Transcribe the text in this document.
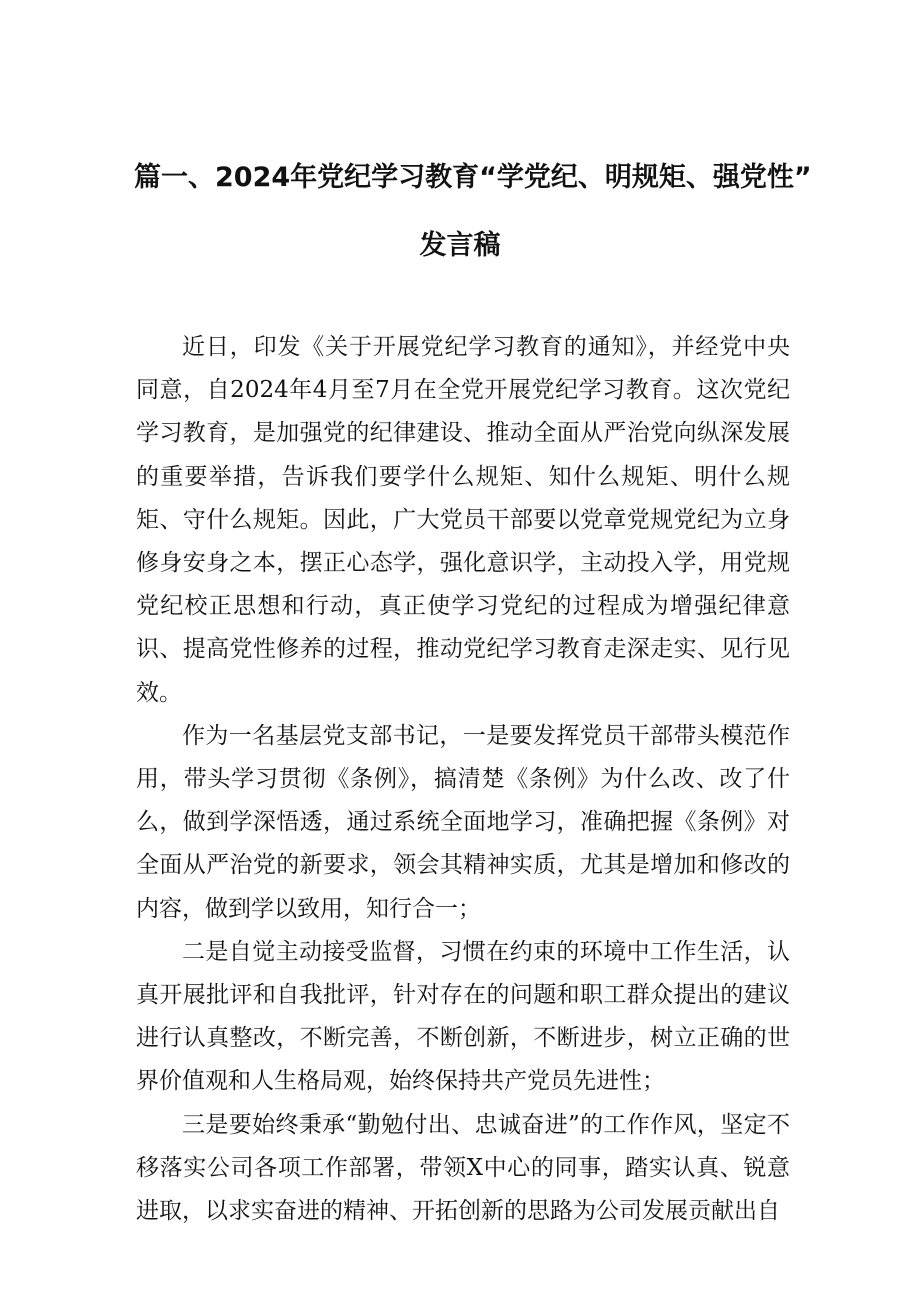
篇一、2024年党纪学习教育“学党纪、明规矩、强党性”
发言稿

近日，印发《关于开展党纪学习教育的通知》，并经党中央同意，自2024年4月至7月在全党开展党纪学习教育。这次党纪学习教育，是加强党的纪律建设、推动全面从严治党向纵深发展的重要举措，告诉我们要学什么规矩、知什么规矩、明什么规矩、守什么规矩。因此，广大党员干部要以党章党规党纪为立身修身安身之本，摆正心态学，强化意识学，主动投入学，用党规党纪校正思想和行动，真正使学习党纪的过程成为增强纪律意识、提高党性修养的过程，推动党纪学习教育走深走实、见行见效。

作为一名基层党支部书记，一是要发挥党员干部带头模范作用，带头学习贯彻《条例》，搞清楚《条例》为什么改、改了什么，做到学深悟透，通过系统全面地学习，准确把握《条例》对全面从严治党的新要求，领会其精神实质，尤其是增加和修改的内容，做到学以致用，知行合一；

二是自觉主动接受监督，习惯在约束的环境中工作生活，认真开展批评和自我批评，针对存在的问题和职工群众提出的建议进行认真整改，不断完善，不断创新，不断进步，树立正确的世界价值观和人生格局观，始终保持共产党员先进性；

三是要始终秉承“勤勉付出、忠诚奋进”的工作作风，坚定不移落实公司各项工作部署，带领X中心的同事，踏实认真、锐意进取，以求实奋进的精神、开拓创新的思路为公司发展贡献出自
